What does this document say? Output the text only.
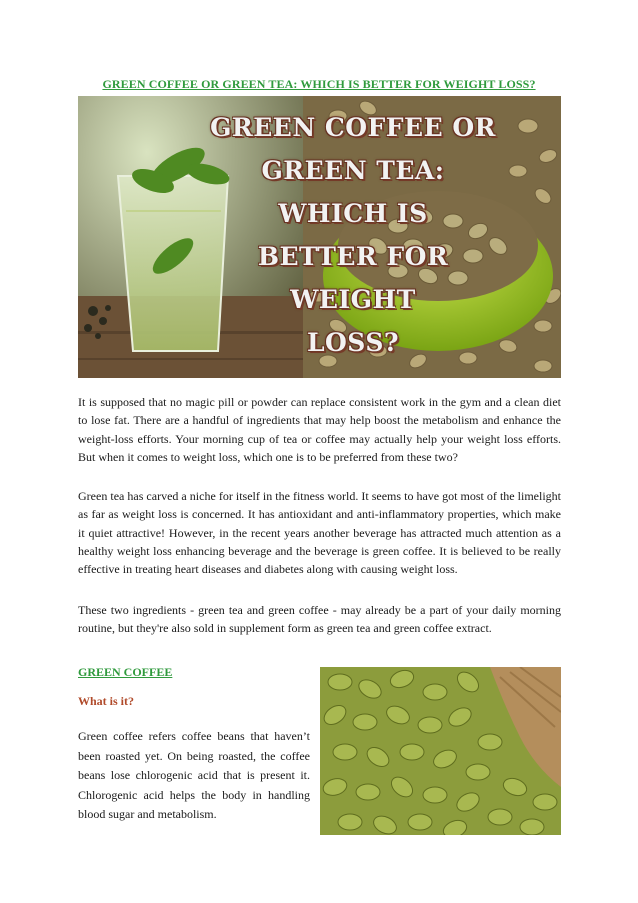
GREEN COFFEE OR GREEN TEA: WHICH IS BETTER FOR WEIGHT LOSS?
GREEN COFFEE OR
GREEN TEA: WHICH IS
BETTER FOR WEIGHT
LOSS?

It is supposed that no magic pill or powder can replace consistent work in the gym and a clean diet to lose fat. There are a handful of ingredients that may help boost the metabolism and enhance the weight-loss efforts. Your morning cup of tea or coffee may actually help your weight loss efforts. But when it comes to weight loss, which one is to be preferred from these two?

Green tea has carved a niche for itself in the fitness world. It seems to have got most of the limelight as far as weight loss is concerned. It has antioxidant and anti-inflammatory properties, which make it quiet attractive! However, in the recent years another beverage has attracted much attention as a healthy weight loss enhancing beverage and the beverage is green coffee. It is believed to be really effective in treating heart diseases and diabetes along with causing weight loss.

These two ingredients - green tea and green coffee - may already be a part of your daily morning routine, but they're also sold in supplement form as green tea and green coffee extract.

GREEN COFFEE
What is it?

Green coffee refers coffee beans that haven’t been roasted yet. On being roasted, the coffee beans lose chlorogenic acid that is present it. Chlorogenic acid helps the body in handling blood sugar and metabolism.
